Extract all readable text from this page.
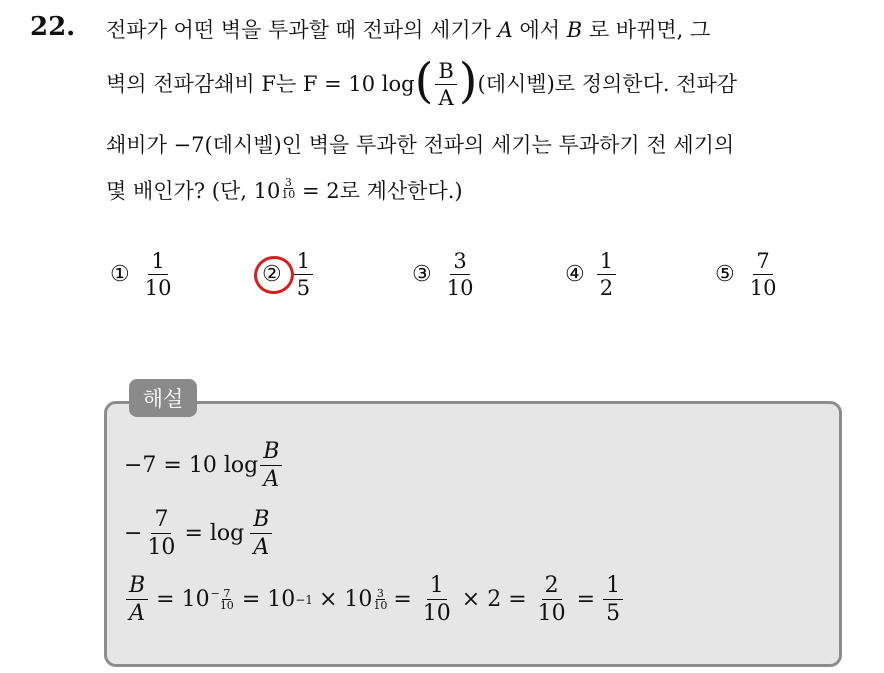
22. 전파가 어떤 벽을 투과할 때 전파의 세기가 A 에서 B 로 바뀌면, 그
벽의 전파감쇄비 F는 F = 10 log ( $\frac{B}{A}$ ) (데시벨)로 정의한다. 전파감
쇄비가 −7(데시벨)인 벽을 투과한 전파의 세기는 투과하기 전 세기의
몇 배인가? (단, 10 $^{\frac{3}{10}}$ = 2로 계산한다.)
① $\frac{1}{10}$	② $\frac{1}{5}$	③ $\frac{3}{10}$	④ $\frac{1}{2}$	⑤ $\frac{7}{10}$
해설
−7 = 10 $\log \frac{B}{A}$
− $\frac{7}{10} = \log \frac{B}{A}$
$\frac{B}{A} = 10 - \frac{7}{10} = 10 -1 \times 10 \frac{3}{10} = \frac{1}{10} \times 2 = \frac{2}{10} = \frac{1}{5}$
